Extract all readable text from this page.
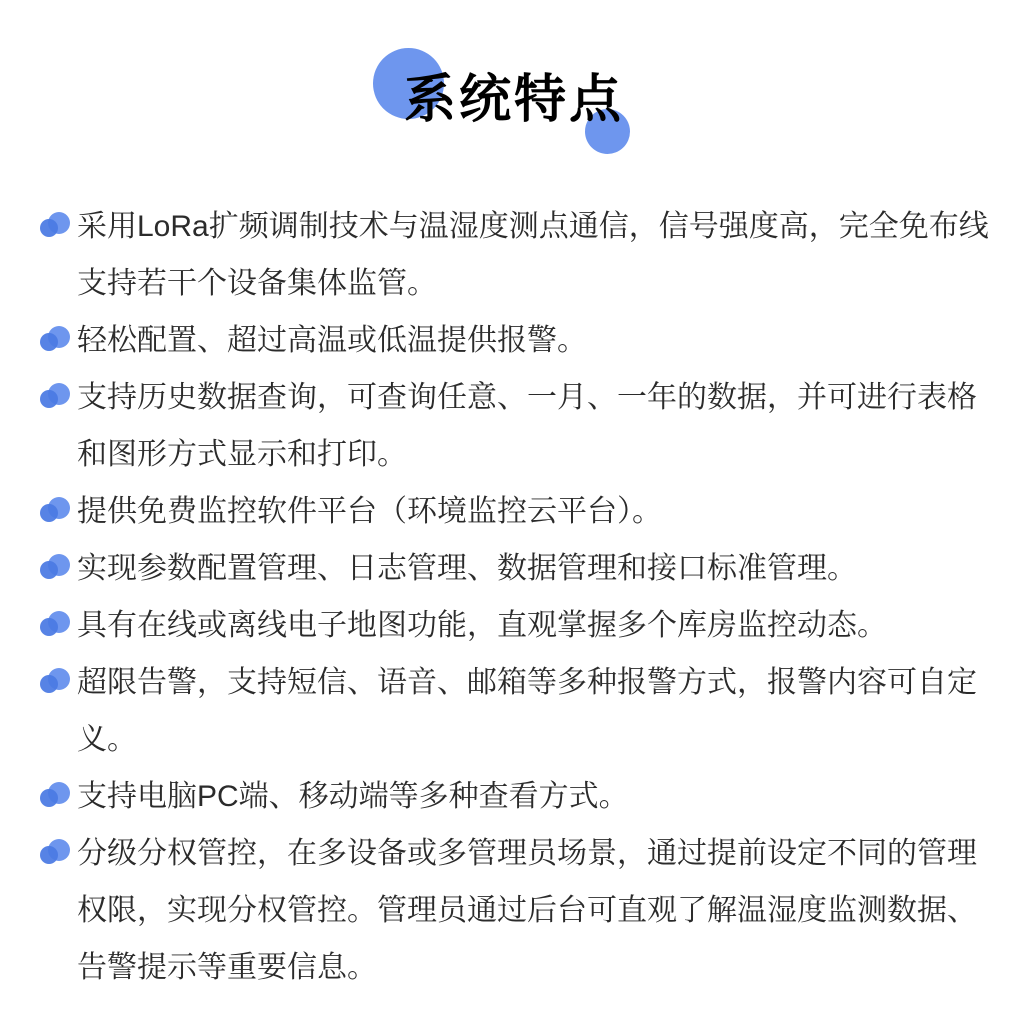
系统特点
采用LoRa扩频调制技术与温湿度测点通信，信号强度高，完全免布线
支持若干个设备集体监管。
轻松配置、超过高温或低温提供报警。
支持历史数据查询，可查询任意、一月、一年的数据，并可进行表格
和图形方式显示和打印。
提供免费监控软件平台（环境监控云平台）。
实现参数配置管理、日志管理、数据管理和接口标准管理。
具有在线或离线电子地图功能，直观掌握多个库房监控动态。
超限告警，支持短信、语音、邮箱等多种报警方式，报警内容可自定
义。
支持电脑PC端、移动端等多种查看方式。
分级分权管控，在多设备或多管理员场景，通过提前设定不同的管理
权限，实现分权管控。管理员通过后台可直观了解温湿度监测数据、
告警提示等重要信息。
